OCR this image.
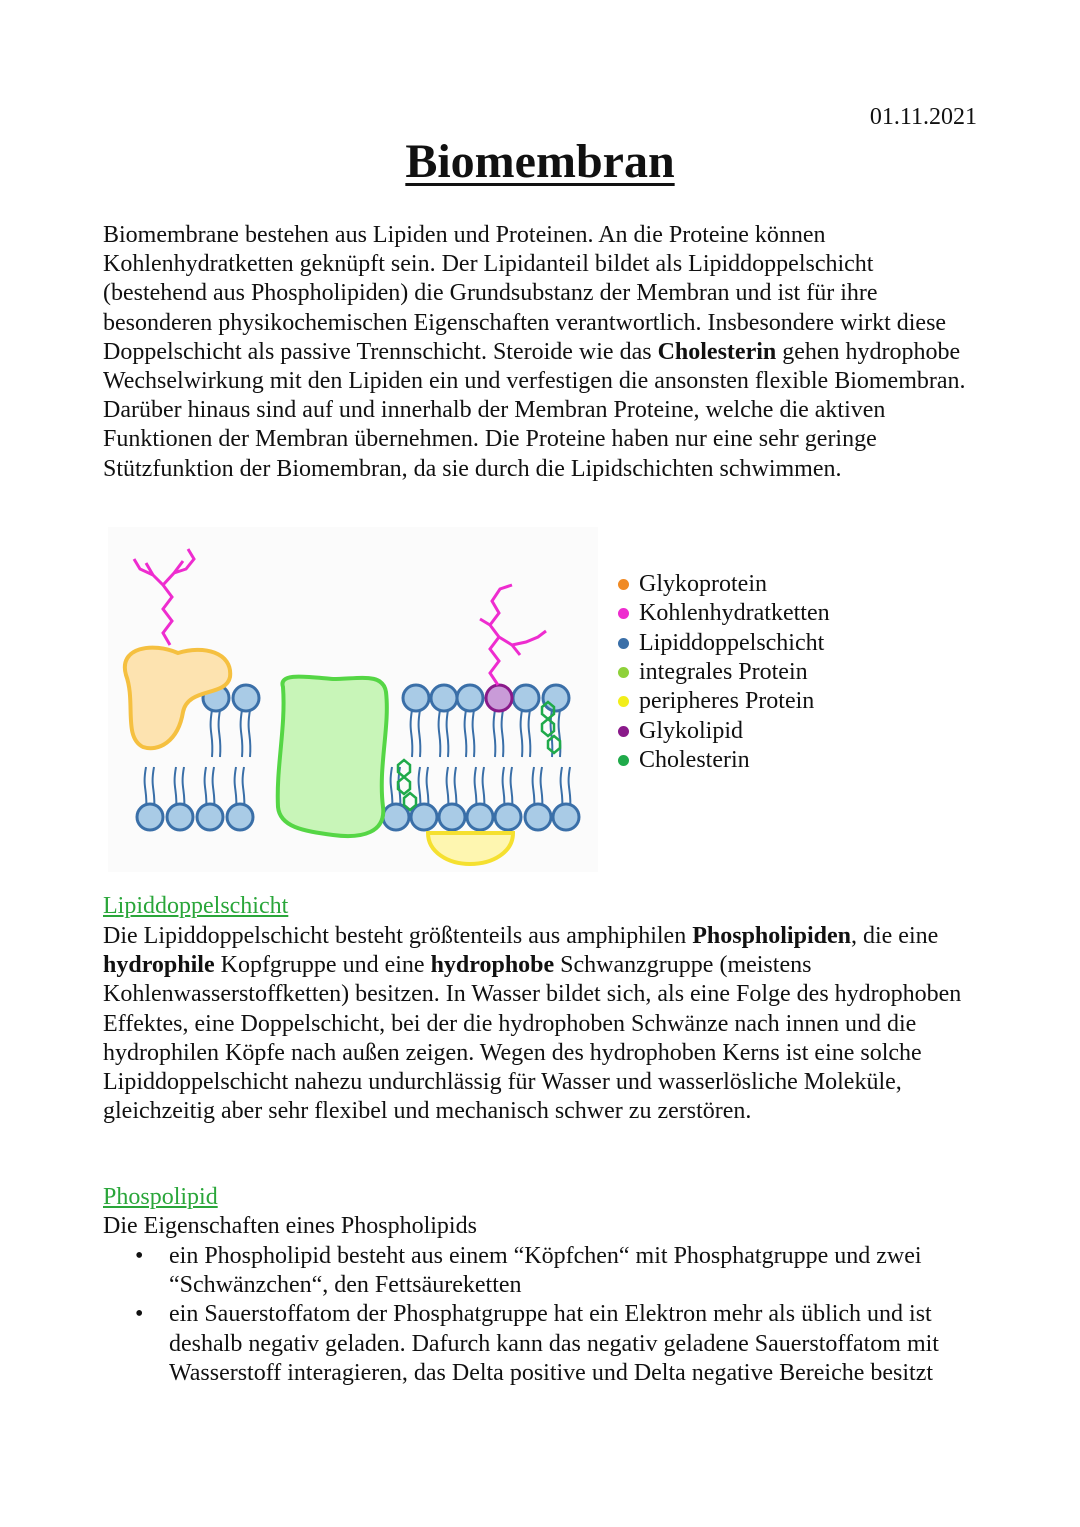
01.11.2021
Biomembran

Biomembrane bestehen aus Lipiden und Proteinen. An die Proteine können Kohlenhydratketten geknüpft sein. Der Lipidanteil bildet als Lipiddoppelschicht (bestehend aus Phospholipiden) die Grundsubstanz der Membran und ist für ihre besonderen physikochemischen Eigenschaften verantwortlich. Insbesondere wirkt diese Doppelschicht als passive Trennschicht. Steroide wie das Cholesterin gehen hydrophobe Wechselwirkung mit den Lipiden ein und verfestigen die ansonsten flexible Biomembran. Darüber hinaus sind auf und innerhalb der Membran Proteine, welche die aktiven Funktionen der Membran übernehmen. Die Proteine haben nur eine sehr geringe Stützfunktion der Biomembran, da sie durch die Lipidschichten schwimmen.

Glykoprotein
Kohlenhydratketten
Lipiddoppelschicht
integrales Protein
peripheres Protein
Glykolipid
Cholesterin
Lipiddoppelschicht

Die Lipiddoppelschicht besteht größtenteils aus amphiphilen Phospholipiden, die eine hydrophile Kopfgruppe und eine hydrophobe Schwanzgruppe (meistens Kohlenwasserstoffketten) besitzen. In Wasser bildet sich, als eine Folge des hydrophoben Effektes, eine Doppelschicht, bei der die hydrophoben Schwänze nach innen und die hydrophilen Köpfe nach außen zeigen. Wegen des hydrophoben Kerns ist eine solche Lipiddoppelschicht nahezu undurchlässig für Wasser und wasserlösliche Moleküle, gleichzeitig aber sehr flexibel und mechanisch schwer zu zerstören.

Phospolipid
Die Eigenschaften eines Phospholipids
• ein Phospholipid besteht aus einem “Köpfchen“ mit Phosphatgruppe und zwei “Schwänzchen“, den Fettsäureketten
• ein Sauerstoffatom der Phosphatgruppe hat ein Elektron mehr als üblich und ist deshalb negativ geladen. Dafurch kann das negativ geladene Sauerstoffatom mit Wasserstoff interagieren, das Delta positive und Delta negative Bereiche besitzt
